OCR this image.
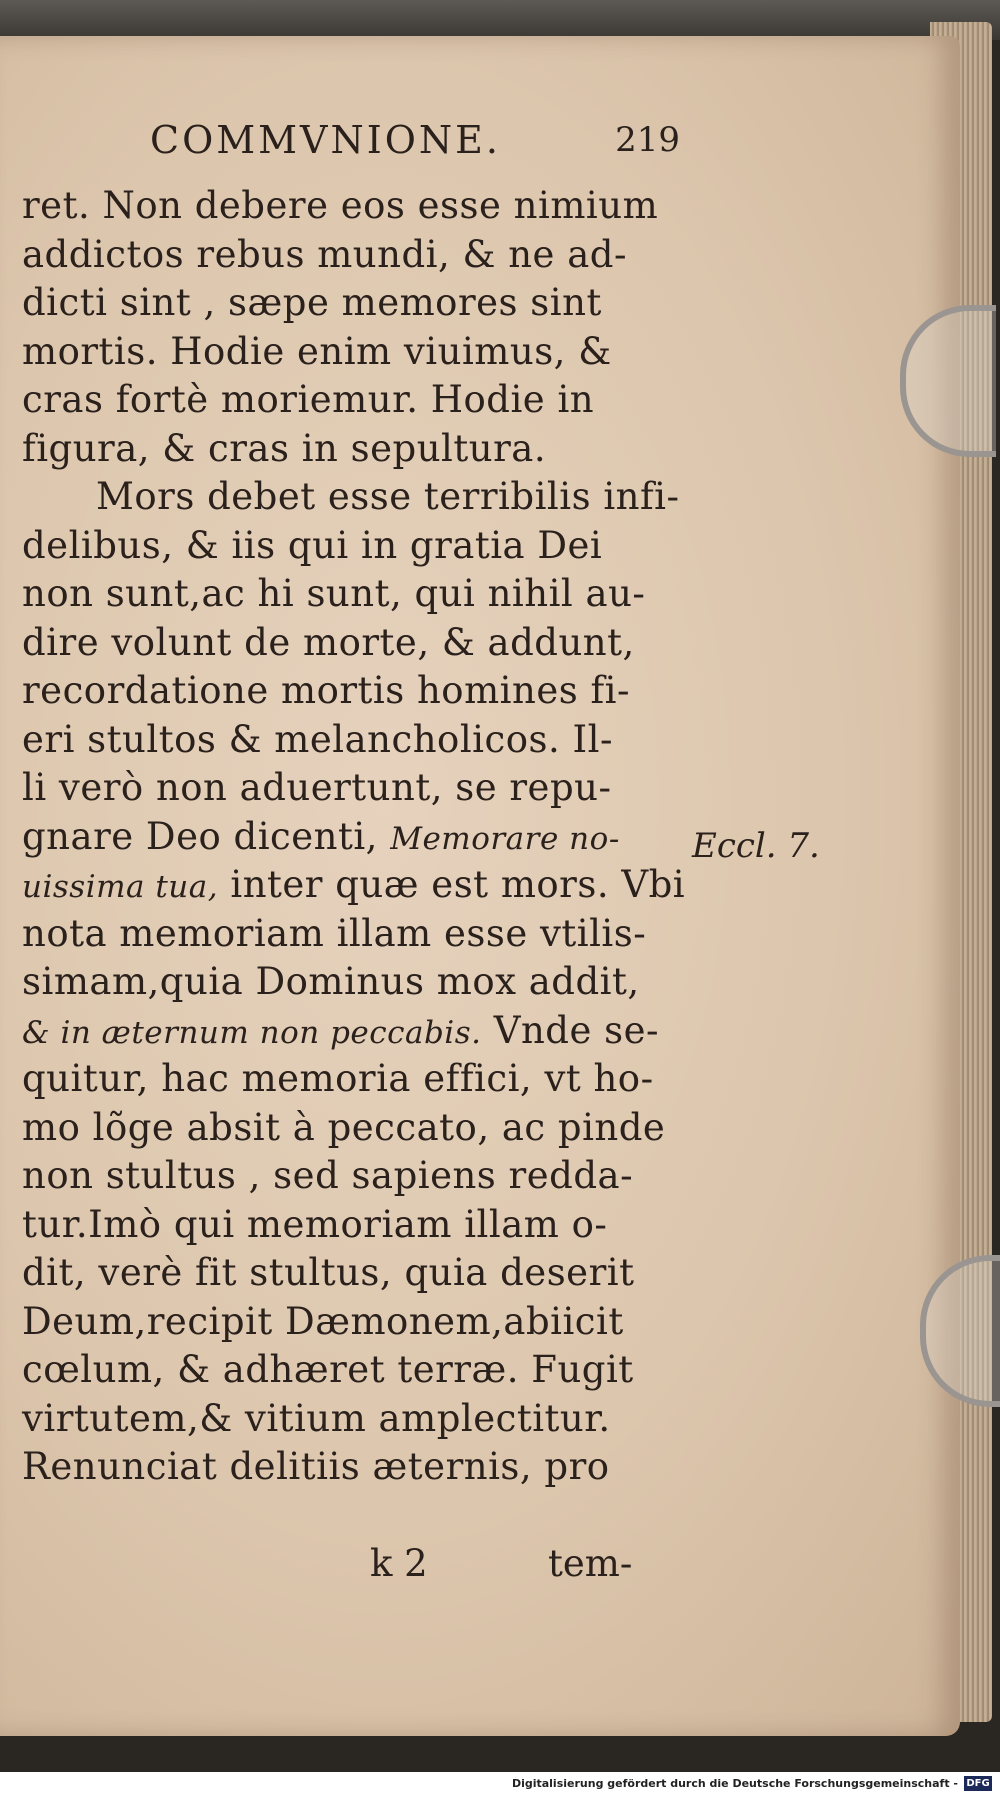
COMMVNIONE.	219
ret. Non debere eos esse nimium
addictos rebus mundi, & ne ad-
dicti sint , sæpe memores sint
mortis. Hodie enim viuimus, &
cras fortè moriemur. Hodie in
figura, & cras in sepultura.
Mors debet esse terribilis infi-
delibus, & iis qui in gratia Dei
non sunt,ac hi sunt, qui nihil au-
dire volunt de morte, & addunt,
recordatione mortis homines fi-
eri stultos & melancholicos. Il-
li verò non aduertunt, se repu-
gnare Deo dicenti, Memorare no-
uissima tua, inter quæ est mors. Vbi
nota memoriam illam esse vtilis-
simam,quia Dominus mox addit,
& in æternum non peccabis. Vnde se-
quitur, hac memoria effici, vt ho-
mo lõge absit à peccato, ac pinde
non stultus , sed sapiens redda-
tur.Imò qui memoriam illam o-
dit, verè fit stultus, quia deserit
Deum,recipit Dæmonem,abiicit
cœlum, & adhæret terræ. Fugit
virtutem,& vitium amplectitur.
Renunciat delitiis æternis, pro
Eccl. 7.
k 2	tem-
Digitalisierung gefördert durch die Deutsche Forschungsgemeinschaft - DFG
